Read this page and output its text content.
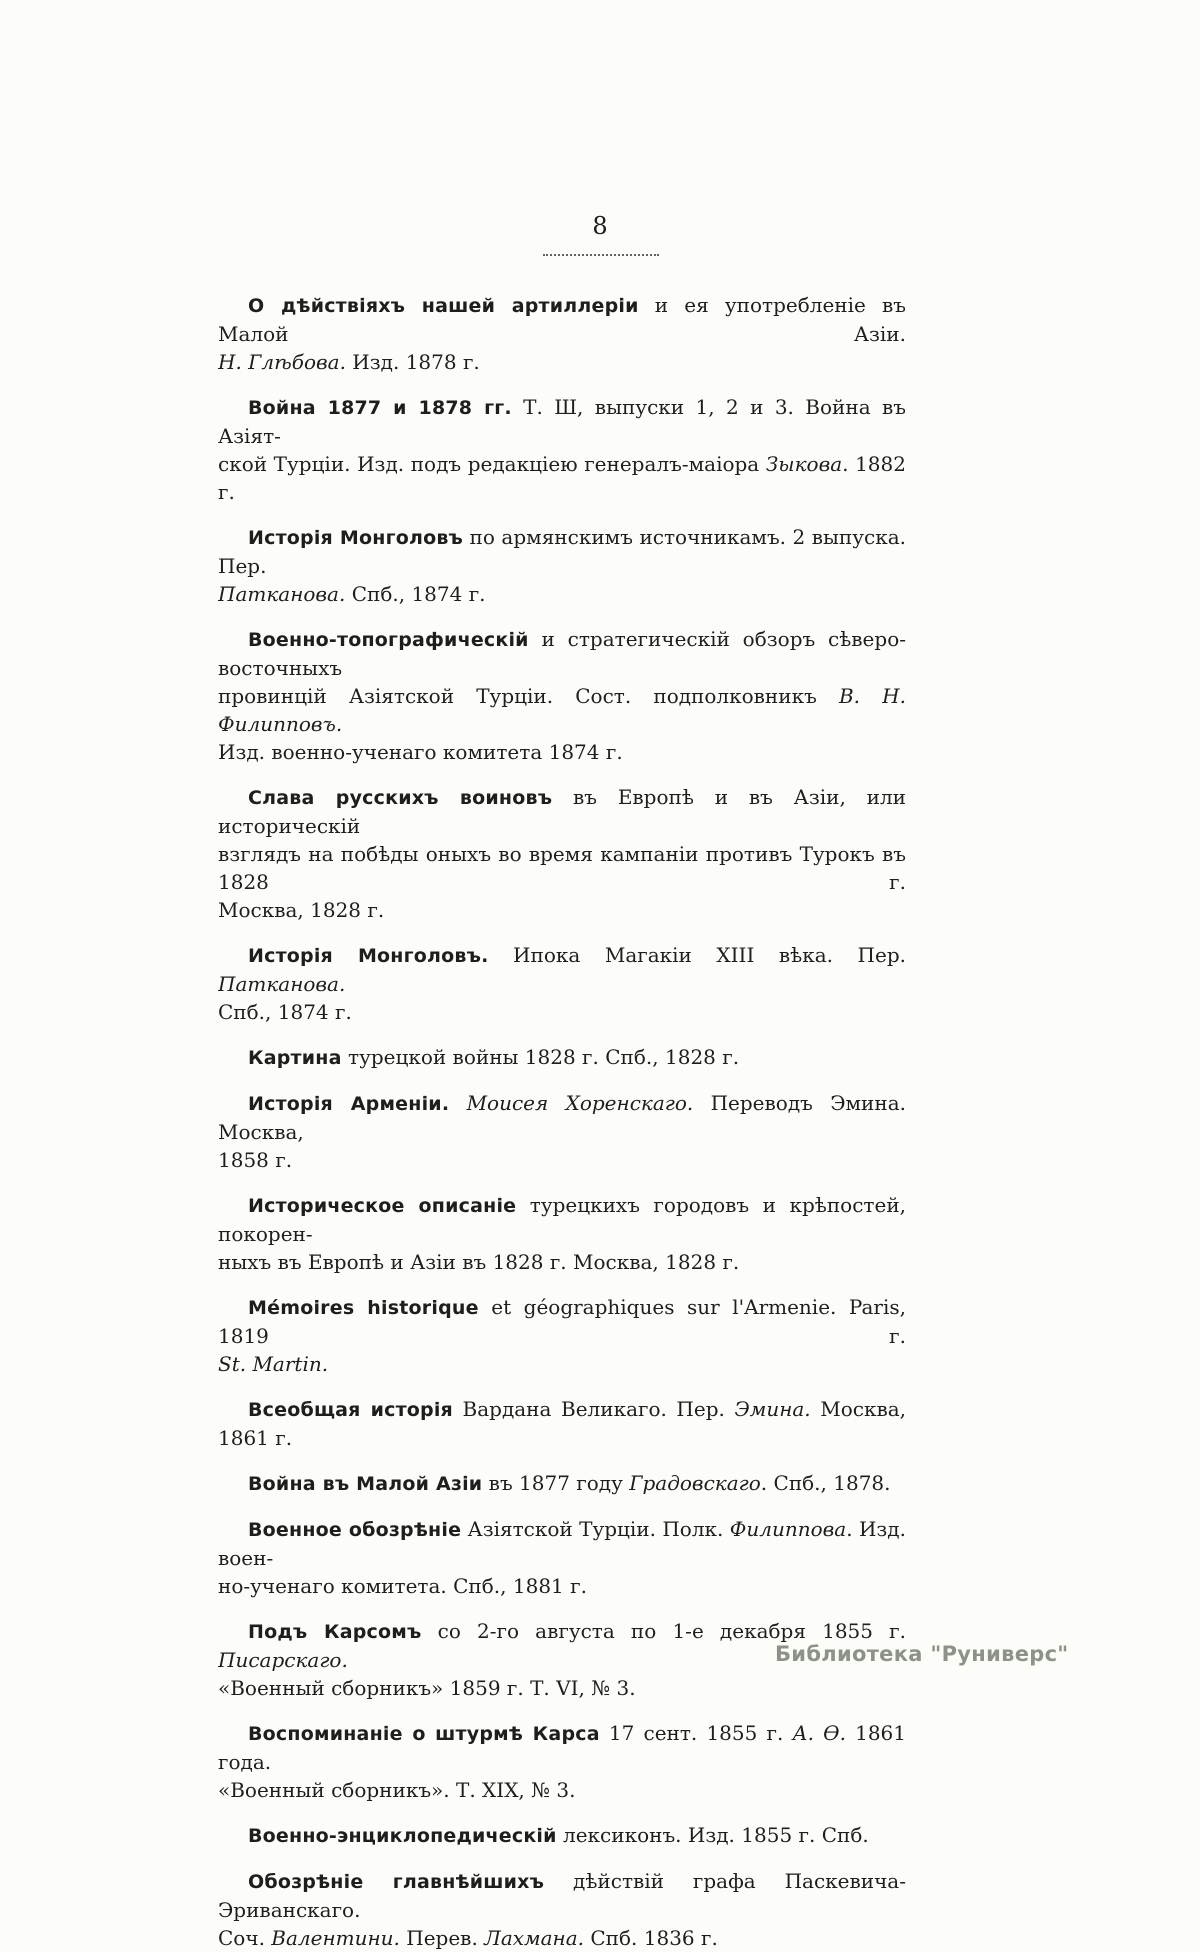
8
О дѣйствіяхъ нашей артиллеріи и ея употребленіе въ Малой Азіи.
Н. Глѣбова. Изд. 1878 г.
Война 1877 и 1878 гг. Т. Ш, выпуски 1, 2 и 3. Война въ Азіят-
ской Турціи. Изд. подъ редакціею генералъ-маіора Зыкова. 1882 г.
Исторія Монголовъ по армянскимъ источникамъ. 2 выпуска. Пер.
Патканова. Спб., 1874 г.
Военно-топографическій и стратегическій обзоръ сѣверо-восточныхъ
провинцій Азіятской Турціи. Сост. подполковникъ В. Н. Филипповъ.
Изд. военно-ученаго комитета 1874 г.
Слава русскихъ воиновъ въ Европѣ и въ Азіи, или историческій
взглядъ на побѣды оныхъ во время кампаніи противъ Турокъ въ 1828 г.
Москва, 1828 г.
Исторія Монголовъ. Ипока Магакіи XIII вѣка. Пер. Патканова.
Спб., 1874 г.
Картина турецкой войны 1828 г. Спб., 1828 г.
Исторія Арменіи. Моисея Хоренскаго. Переводъ Эмина. Москва,
1858 г.
Историческое описаніе турецкихъ городовъ и крѣпостей, покорен-
ныхъ въ Европѣ и Азіи въ 1828 г. Москва, 1828 г.
Mémoires historique et géographiques sur l'Armenie. Paris, 1819 г.
St. Martin.
Всеобщая исторія Вардана Великаго. Пер. Эмина. Москва, 1861 г.
Война въ Малой Азіи въ 1877 году Градовскаго. Спб., 1878.
Военное обозрѣніе Азіятской Турціи. Полк. Филиппова. Изд. воен-
но-ученаго комитета. Спб., 1881 г.
Подъ Карсомъ со 2-го августа по 1-е декабря 1855 г. Писарскаго.
«Военный сборникъ» 1859 г. Т. VI, № 3.
Воспоминаніе о штурмѣ Карса 17 сент. 1855 г. А. Ѳ. 1861 года.
«Военный сборникъ». Т. XIX, № 3.
Военно-энциклопедическій лексиконъ. Изд. 1855 г. Спб.
Обозрѣніе главнѣйшихъ дѣйствій графа Паскевича-Эриванскаго.
Соч. Валентини. Перев. Лахмана. Спб. 1836 г.
Библиотека "Руниверс"
